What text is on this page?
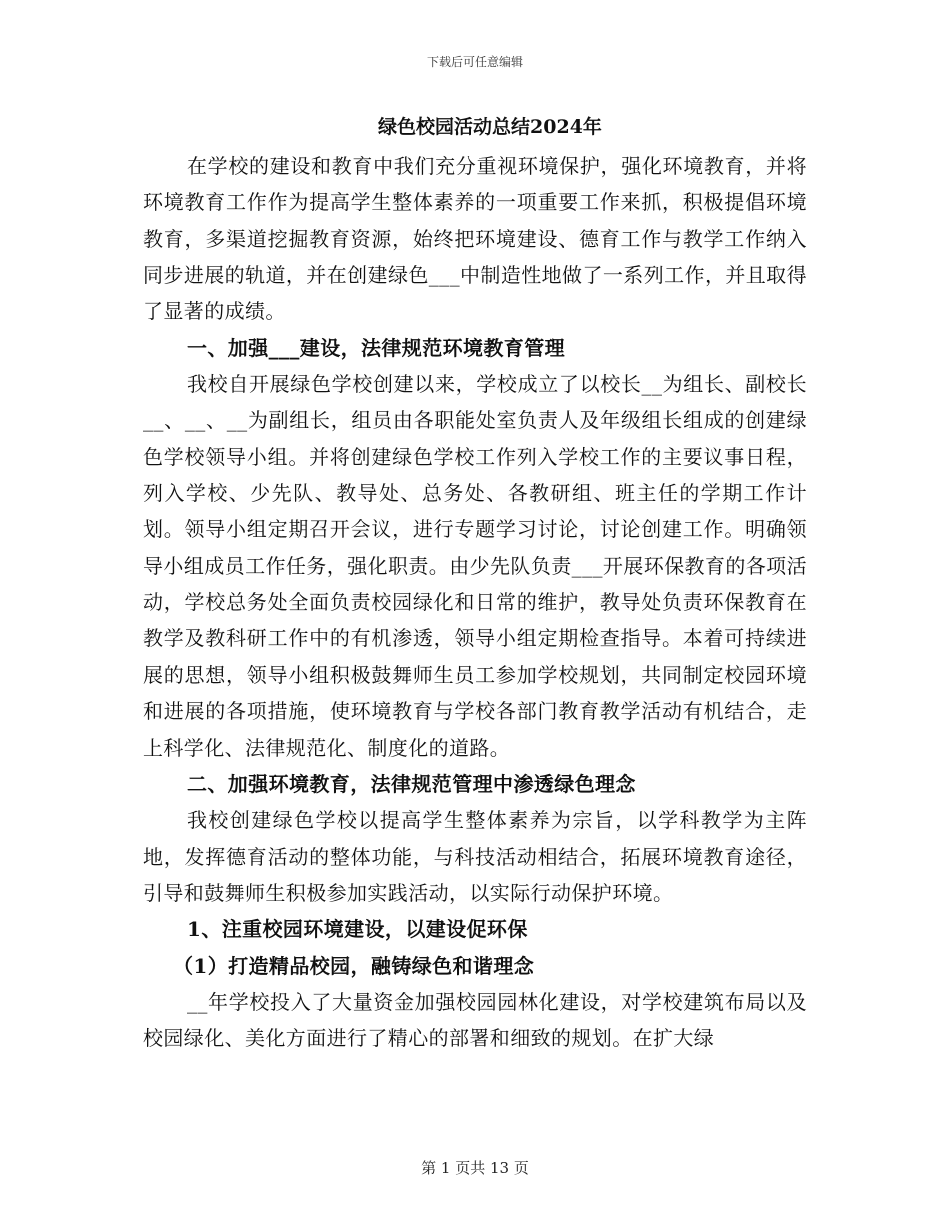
下载后可任意编辑
绿色校园活动总结2024年

在学校的建设和教育中我们充分重视环境保护，强化环境教育，并将环境教育工作作为提高学生整体素养的一项重要工作来抓，积极提倡环境教育，多渠道挖掘教育资源，始终把环境建设、德育工作与教学工作纳入同步进展的轨道，并在创建绿色___中制造性地做了一系列工作，并且取得了显著的成绩。

一、加强___建设，法律规范环境教育管理

我校自开展绿色学校创建以来，学校成立了以校长__为组长、副校长__、__、__为副组长，组员由各职能处室负责人及年级组长组成的创建绿色学校领导小组。并将创建绿色学校工作列入学校工作的主要议事日程，列入学校、少先队、教导处、总务处、各教研组、班主任的学期工作计划。领导小组定期召开会议，进行专题学习讨论，讨论创建工作。明确领导小组成员工作任务，强化职责。由少先队负责___开展环保教育的各项活动，学校总务处全面负责校园绿化和日常的维护，教导处负责环保教育在教学及教科研工作中的有机渗透，领导小组定期检查指导。本着可持续进展的思想，领导小组积极鼓舞师生员工参加学校规划，共同制定校园环境和进展的各项措施，使环境教育与学校各部门教育教学活动有机结合，走上科学化、法律规范化、制度化的道路。

二、加强环境教育，法律规范管理中渗透绿色理念

我校创建绿色学校以提高学生整体素养为宗旨，以学科教学为主阵地，发挥德育活动的整体功能，与科技活动相结合，拓展环境教育途径，引导和鼓舞师生积极参加实践活动，以实际行动保护环境。

1、注重校园环境建设，以建设促环保

（1）打造精品校园，融铸绿色和谐理念

__年学校投入了大量资金加强校园园林化建设，对学校建筑布局以及校园绿化、美化方面进行了精心的部署和细致的规划。在扩大绿

第 1 页共 13 页
